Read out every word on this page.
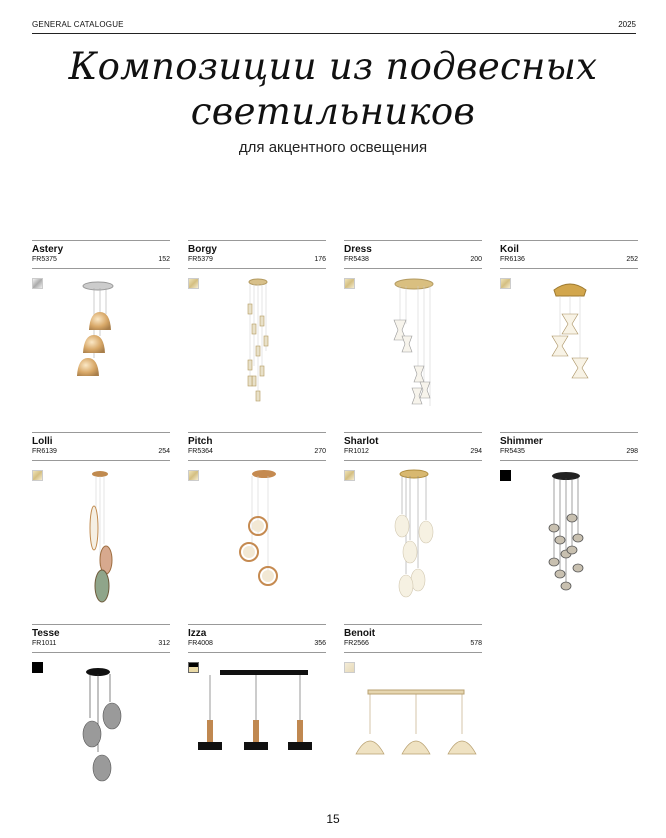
GENERAL CATALOGUE	2025
Композиции из подвесных
светильников
для акцентного освещения
Astery
FR5375	152
Borgy
FR5379	176
Dress
FR5438	200
Koil
FR6136	252
Lolli
FR6139	254
Pitch
FR5364	270
Sharlot
FR1012	294
Shimmer
FR5435	298
Tesse
FR1011	312
Izza
FR4008	356
Benoit
FR2566	578
15
